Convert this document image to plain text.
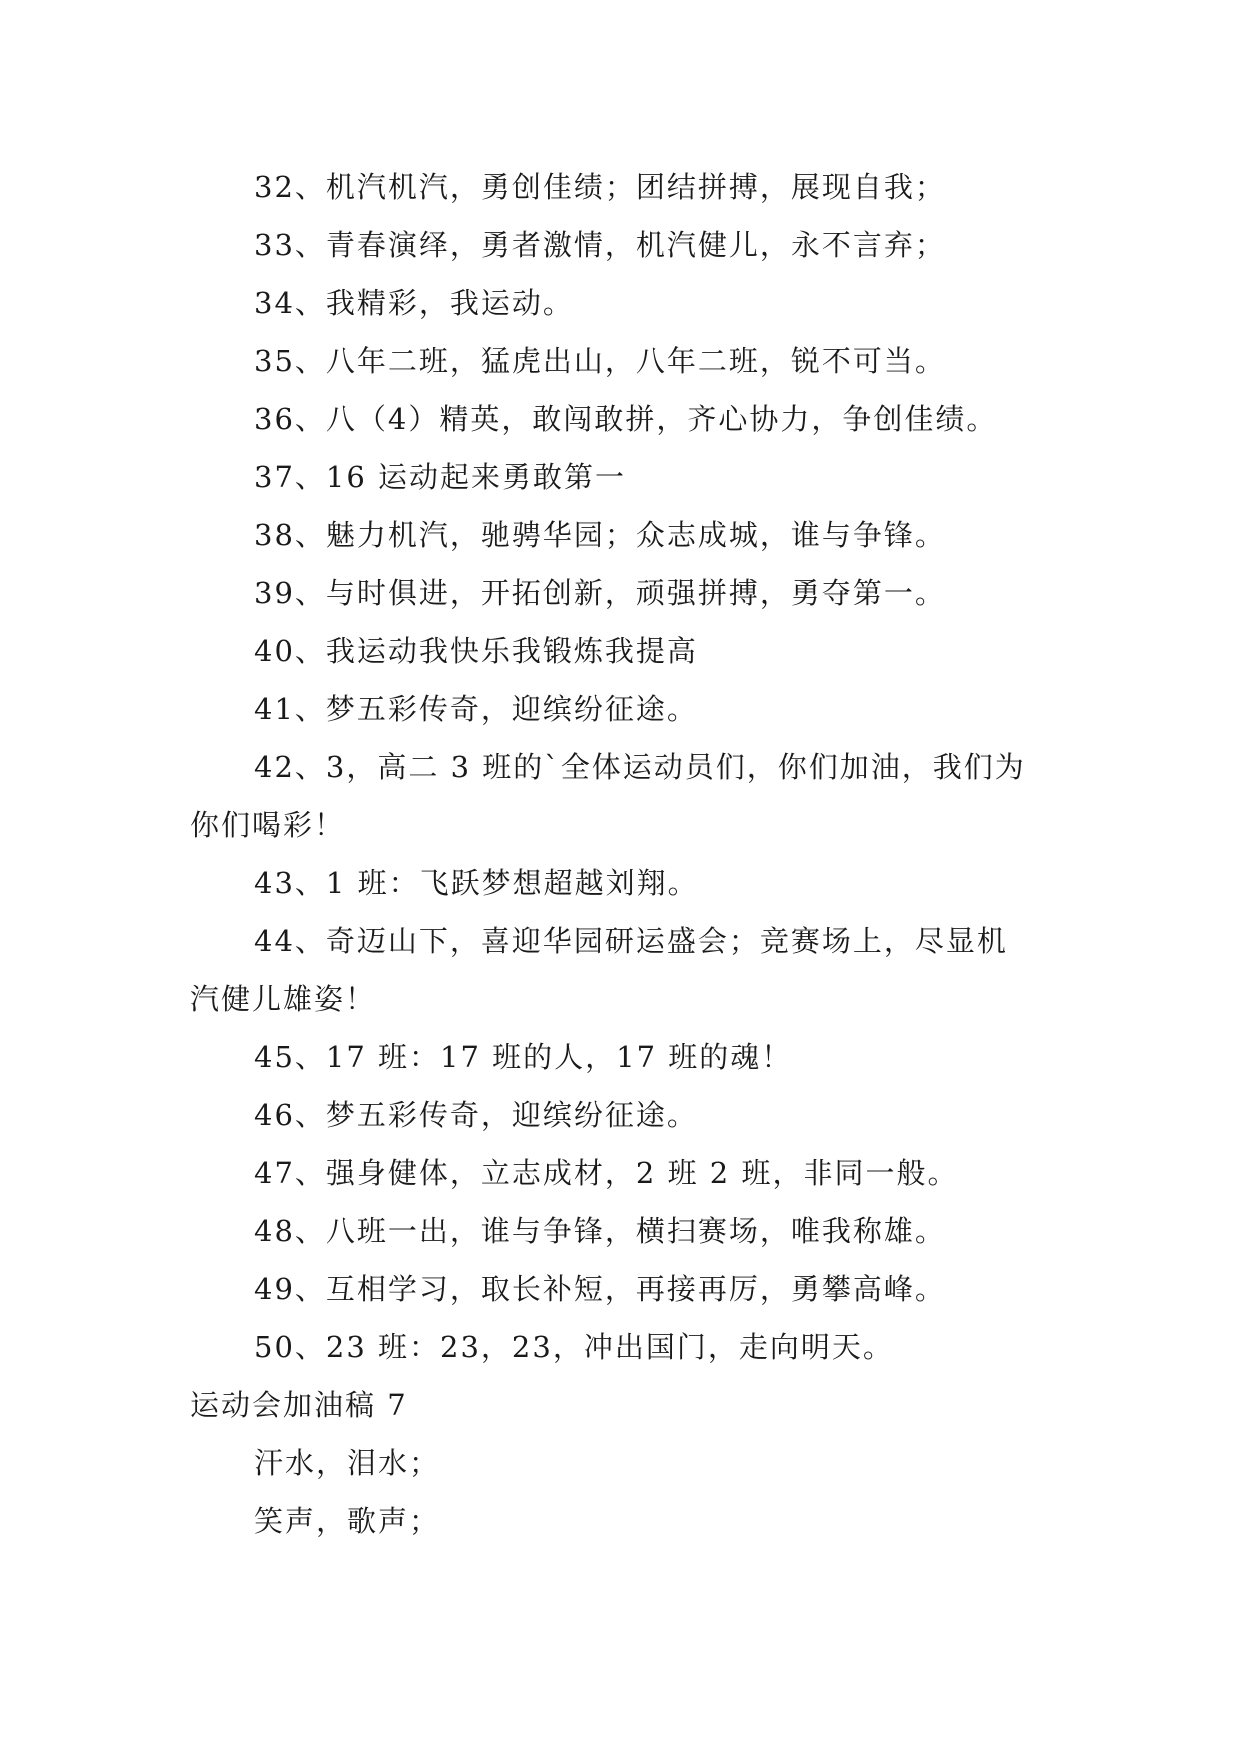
32、机汽机汽，勇创佳绩；团结拼搏，展现自我；
33、青春演绎，勇者激情，机汽健儿，永不言弃；
34、我精彩，我运动。
35、八年二班，猛虎出山，八年二班，锐不可当。
36、八（4）精英，敢闯敢拼，齐心协力，争创佳绩。
37、16 运动起来勇敢第一
38、魅力机汽，驰骋华园；众志成城，谁与争锋。
39、与时俱进，开拓创新，顽强拼搏，勇夺第一。
40、我运动我快乐我锻炼我提高
41、梦五彩传奇，迎缤纷征途。
42、3，高二 3 班的`全体运动员们，你们加油，我们为
你们喝彩！
43、1 班：飞跃梦想超越刘翔。
44、奇迈山下，喜迎华园研运盛会；竞赛场上，尽显机
汽健儿雄姿！
45、17 班：17 班的人，17 班的魂！
46、梦五彩传奇，迎缤纷征途。
47、强身健体，立志成材，2 班 2 班，非同一般。
48、八班一出，谁与争锋，横扫赛场，唯我称雄。
49、互相学习，取长补短，再接再厉，勇攀高峰。
50、23 班：23，23，冲出国门，走向明天。
运动会加油稿 7
汗水，泪水；
笑声，歌声；
